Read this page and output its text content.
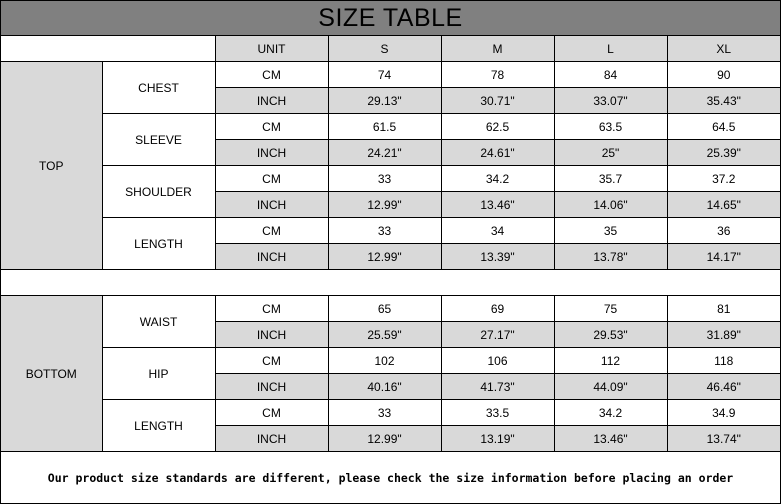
SIZE TABLE
		UNIT	S	M	L	XL
TOP	CHEST	CM	74	78	84	90
		INCH	29.13"	30.71"	33.07"	35.43"
	SLEEVE	CM	61.5	62.5	63.5	64.5
		INCH	24.21"	24.61"	25"	25.39"
	SHOULDER	CM	33	34.2	35.7	37.2
		INCH	12.99"	13.46"	14.06"	14.65"
	LENGTH	CM	33	34	35	36
		INCH	12.99"	13.39"	13.78"	14.17"

BOTTOM	WAIST	CM	65	69	75	81
		INCH	25.59"	27.17"	29.53"	31.89"
	HIP	CM	102	106	112	118
		INCH	40.16"	41.73"	44.09"	46.46"
	LENGTH	CM	33	33.5	34.2	34.9
		INCH	12.99"	13.19"	13.46"	13.74"
Our product size standards are different, please check the size information before placing an order
